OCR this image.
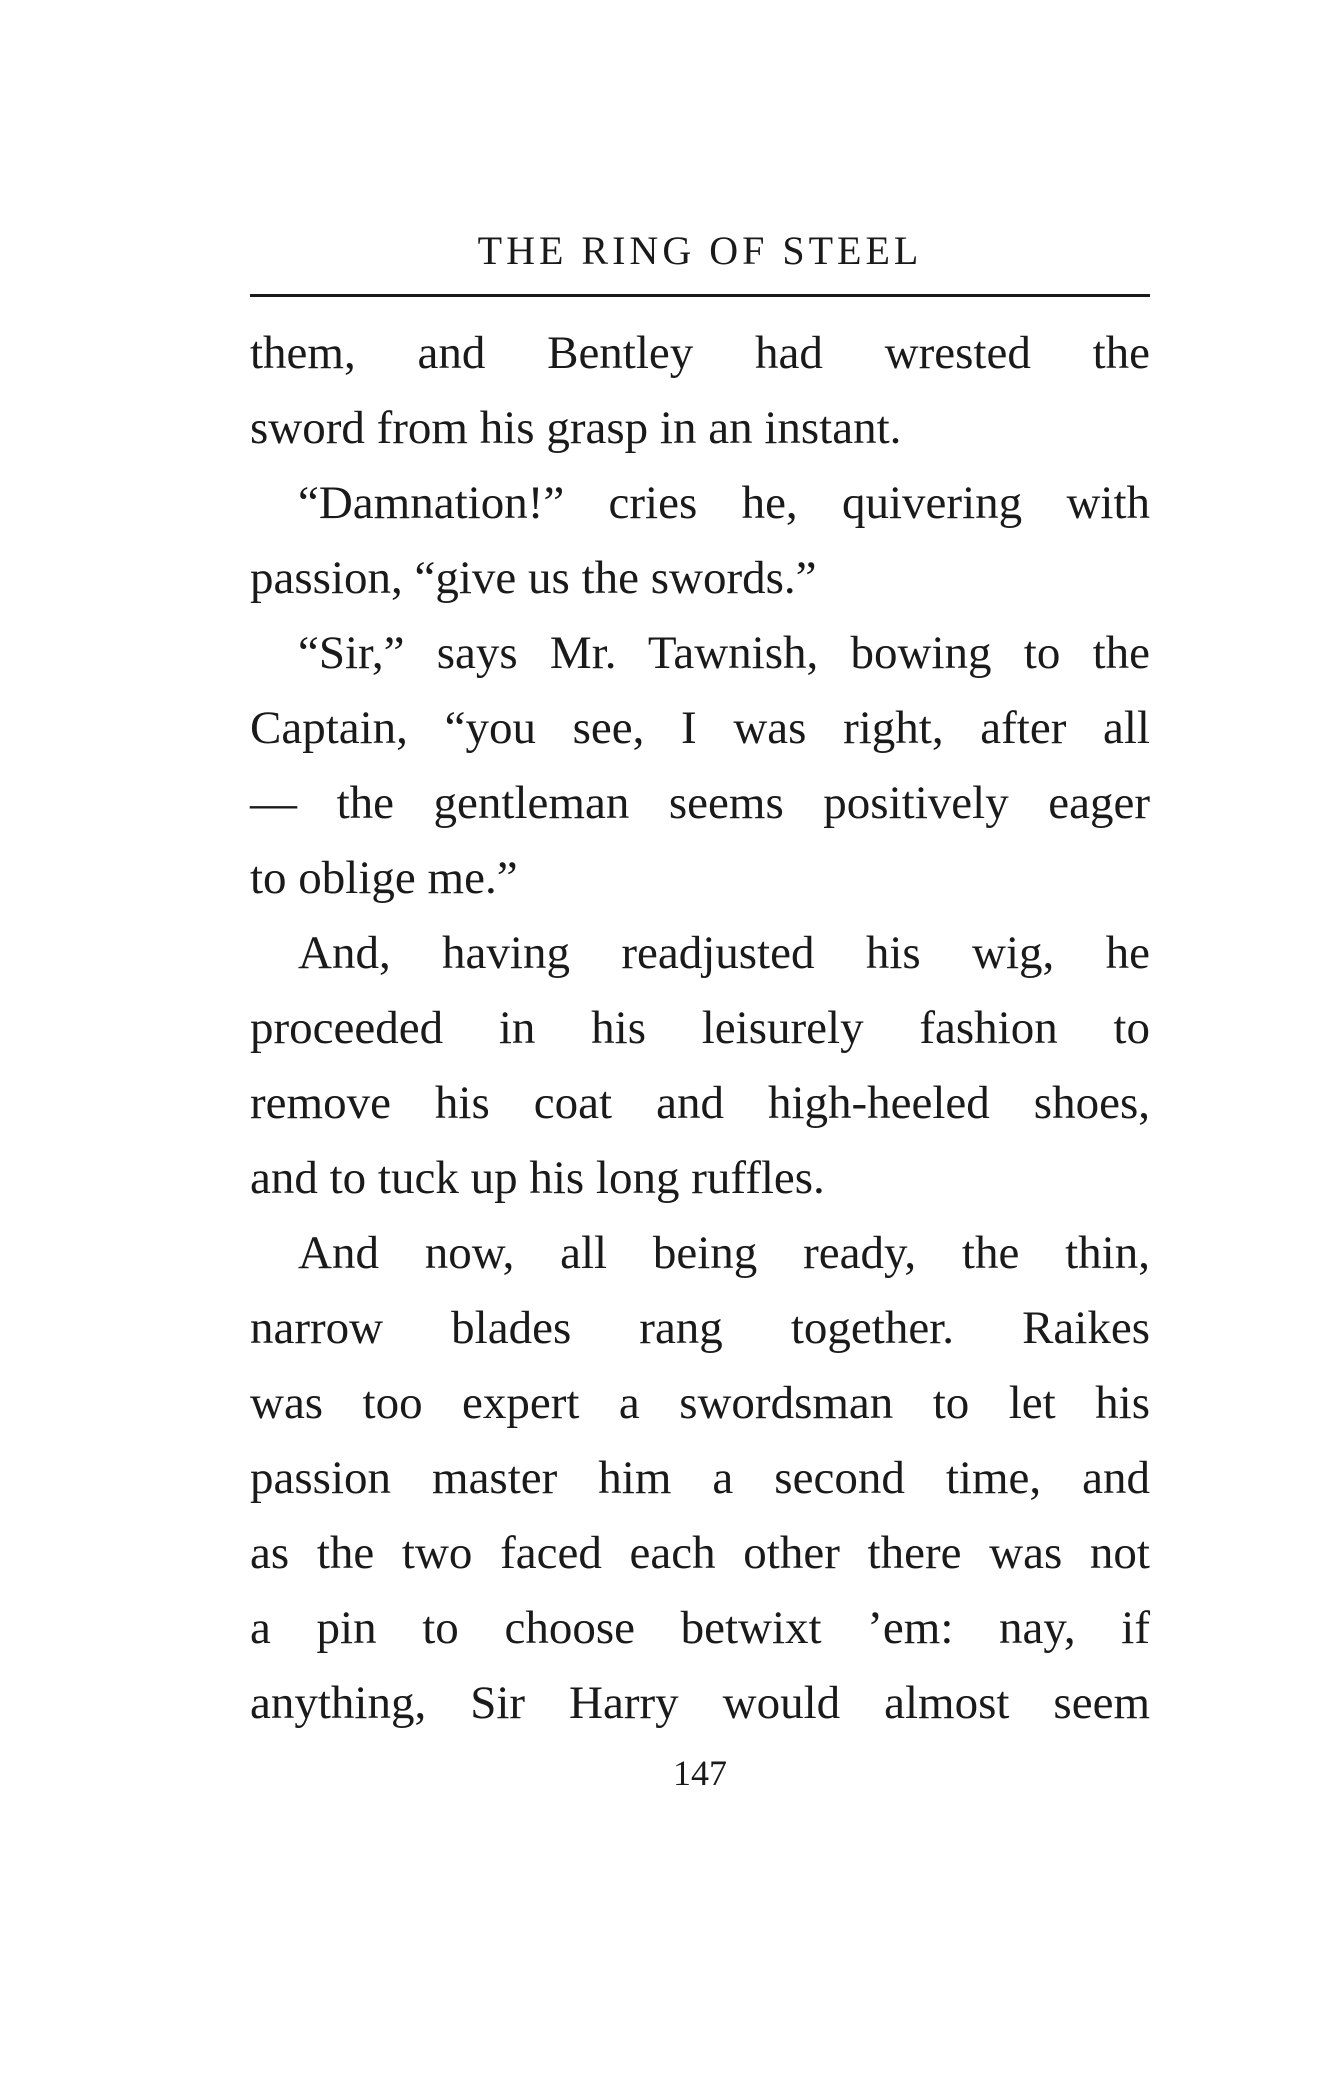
THE RING OF STEEL
them, and Bentley had wrested the
sword from his grasp in an instant.
“Damnation!” cries he, quivering with
passion, “give us the swords.”
“Sir,” says Mr. Tawnish, bowing to the
Captain, “you see, I was right, after all
— the gentleman seems positively eager
to oblige me.”
And, having readjusted his wig, he
proceeded in his leisurely fashion to
remove his coat and high-heeled shoes,
and to tuck up his long ruffles.
And now, all being ready, the thin,
narrow blades rang together. Raikes
was too expert a swordsman to let his
passion master him a second time, and
as the two faced each other there was not
a pin to choose betwixt ’em: nay, if
anything, Sir Harry would almost seem
147
